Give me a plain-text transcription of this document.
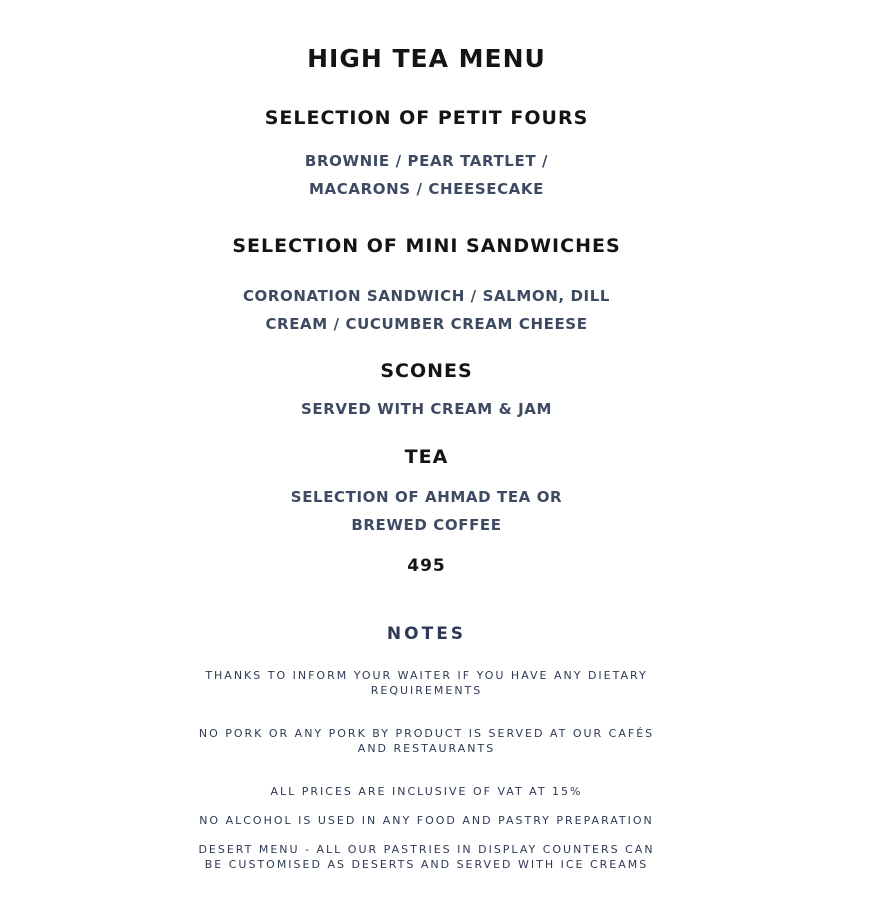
HIGH TEA MENU
SELECTION OF PETIT FOURS
BROWNIE / PEAR TARTLET /
MACARONS / CHEESECAKE
SELECTION OF MINI SANDWICHES
CORONATION SANDWICH / SALMON, DILL
CREAM / CUCUMBER CREAM CHEESE
SCONES
SERVED WITH CREAM & JAM
TEA
SELECTION OF AHMAD TEA OR
BREWED COFFEE
495
NOTES
THANKS TO INFORM YOUR WAITER IF YOU HAVE ANY DIETARY
REQUIREMENTS
NO PORK OR ANY PORK BY PRODUCT IS SERVED AT OUR CAFÉS
AND RESTAURANTS
ALL PRICES ARE INCLUSIVE OF VAT AT 15%
NO ALCOHOL IS USED IN ANY FOOD AND PASTRY PREPARATION
DESERT MENU - ALL OUR PASTRIES IN DISPLAY COUNTERS CAN
BE CUSTOMISED AS DESERTS AND SERVED WITH ICE CREAMS
